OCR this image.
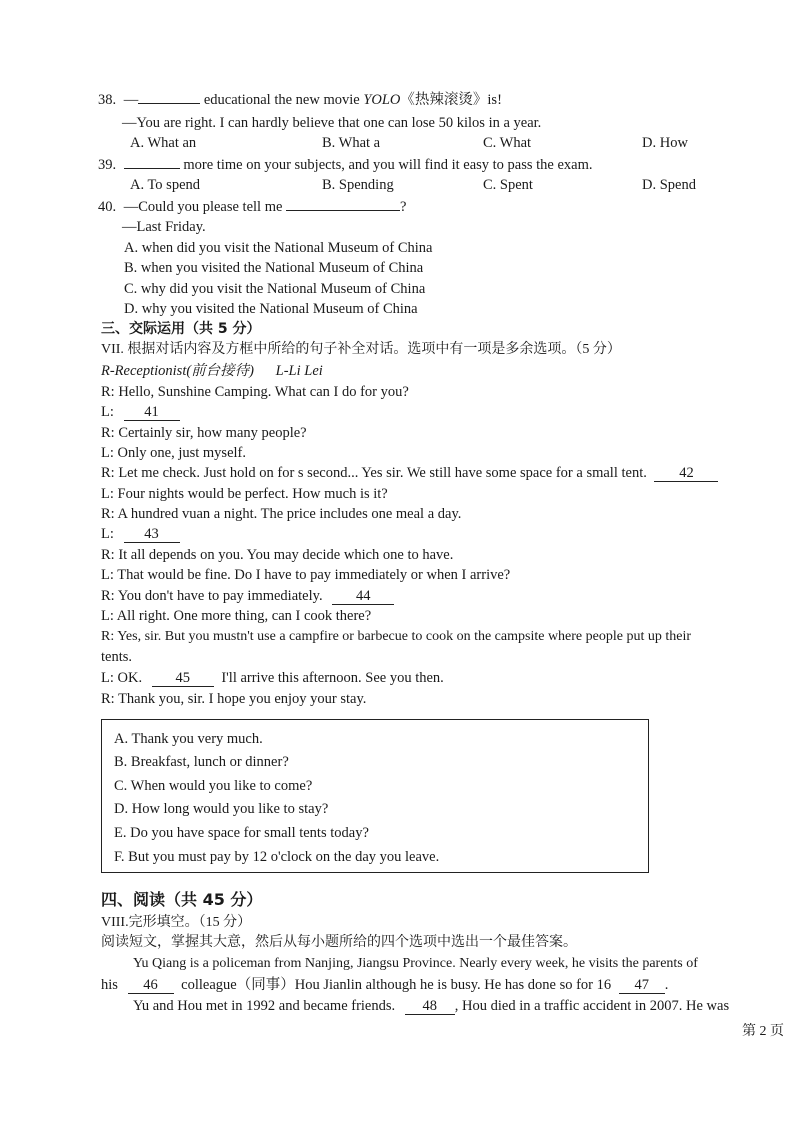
38. —	educational the new movie YOLO《热辣滚烫》is!
—You are right. I can hardly believe that one can lose 50 kilos in a year.
A. What an	B. What a	C. What	D. How
39.	more time on your subjects, and you will find it easy to pass the exam.
A. To spend	B. Spending	C. Spent	D. Spend
40. —Could you please tell me	?
—Last Friday.
A. when did you visit the National Museum of China
B. when you visited the National Museum of China
C. why did you visit the National Museum of China
D. why you visited the National Museum of China
三、交际运用（共 5 分）
VII. 根据对话内容及方框中所给的句子补全对话。选项中有一项是多余选项。（5 分）
R-Receptionist(前台接待) L-Li Lei
R: Hello, Sunshine Camping. What can I do for you?
L: 41
R: Certainly sir, how many people?
L: Only one, just myself.
R: Let me check. Just hold on for s second... Yes sir. We still have some space for a small tent. 42
L: Four nights would be perfect. How much is it?
R: A hundred vuan a night. The price includes one meal a day.
L: 43
R: It all depends on you. You may decide which one to have.
L: That would be fine. Do I have to pay immediately or when I arrive?
R: You don't have to pay immediately. 44
L: All right. One more thing, can I cook there?
R: Yes, sir. But you mustn't use a campfire or barbecue to cook on the campsite where people put up their
tents.
L: OK. 45 I'll arrive this afternoon. See you then.
R: Thank you, sir. I hope you enjoy your stay.
A. Thank you very much.
B. Breakfast, lunch or dinner?
C. When would you like to come?
D. How long would you like to stay?
E. Do you have space for small tents today?
F. But you must pay by 12 o'clock on the day you leave.
四、阅读（共 45 分）
VIII.完形填空。（15 分）
阅读短文，掌握其大意，然后从每小题所给的四个选项中选出一个最佳答案。
Yu Qiang is a policeman from Nanjing, Jiangsu Province. Nearly every week, he visits the parents of
his 46 colleague（同事）Hou Jianlin although he is busy. He has done so for 16 47 .
Yu and Hou met in 1992 and became friends. 48 , Hou died in a traffic accident in 2007. He was
第 2 页
